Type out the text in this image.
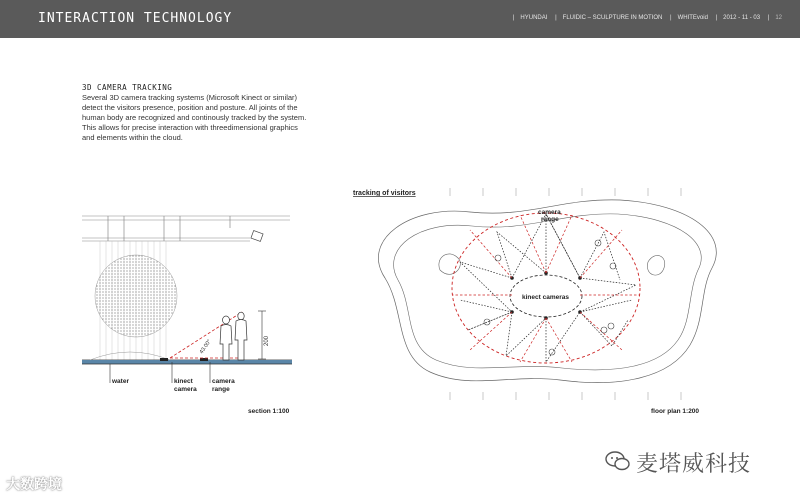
INTERACTION TECHNOLOGY	| HYUNDAI | FLUIDIC – SCULPTURE IN MOTION | WHITEvoid | 2012 - 11 - 03 | 12
3D CAMERA TRACKING
Several 3D camera tracking systems (Microsoft Kinect or similar) detect the visitors presence, position and posture. All joints of the human body are recognized and continously tracked by the system. This allows for precise interaction with threedimensional graphics and elements within the cloud.
water	kinect
camera
camera
range
43.00°	200
section 1:100
tracking of visitors
camera
range
kinect cameras
floor plan 1:200
大数跨境
麦塔威科技
